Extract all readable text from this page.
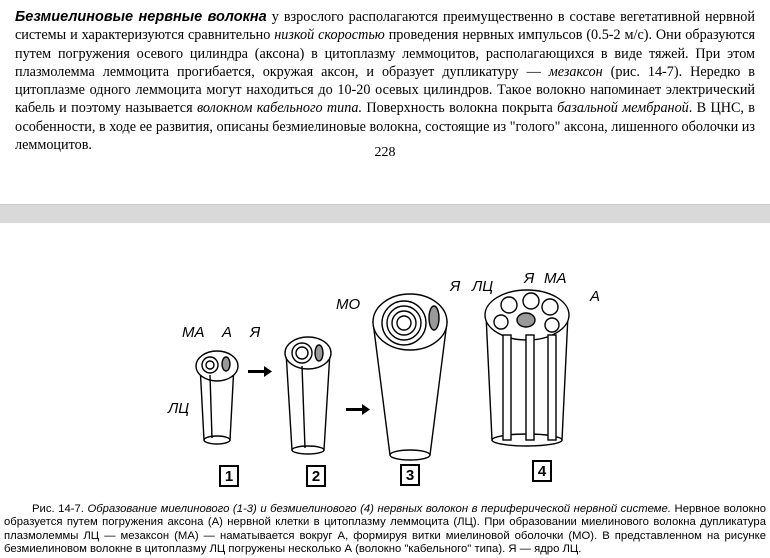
Безмиелиновые нервные волокна у взрослого располагаются преимущественно в составе вегетативной нервной системы и характеризуются сравнительно низкой скоростью проведения нервных импульсов (0.5-2 м/с). Они образуются путем погружения осевого цилиндра (аксона) в цитоплазму леммоцитов, располагающихся в виде тяжей. При этом плазмолемма леммоцита прогибается, окружая аксон, и образует дупликатуру — мезаксон (рис. 14-7). Нередко в цитоплазме одного леммоцита могут находиться до 10-20 осевых цилиндров. Такое волокно напоминает электрический кабель и поэтому называется волокном кабельного типа. Поверхность волокна покрыта базальной мембраной. В ЦНС, в особенности, в ходе ее развития, описаны безмиелиновые волокна, состоящие из "голого" аксона, лишенного оболочки из леммоцитов.	228
МА А Я
ЛЦ
МО
Я ЛЦ Я МА
А
1	2	3	4

Рис. 14-7. Образование миелинового (1-3) и безмиелинового (4) нервных волокон в периферической нервной системе. Нервное волокно образуется путем погружения аксона (А) нервной клетки в цитоплазму леммоцита (ЛЦ). При образовании миелинового волокна дупликатура плазмолеммы ЛЦ — мезаксон (МА) — наматывается вокруг А, формируя витки миелиновой оболочки (МО). В представленном на рисунке безмиелиновом волокне в цитоплазму ЛЦ погружены несколько А (волокно "кабельного" типа). Я — ядро ЛЦ.
